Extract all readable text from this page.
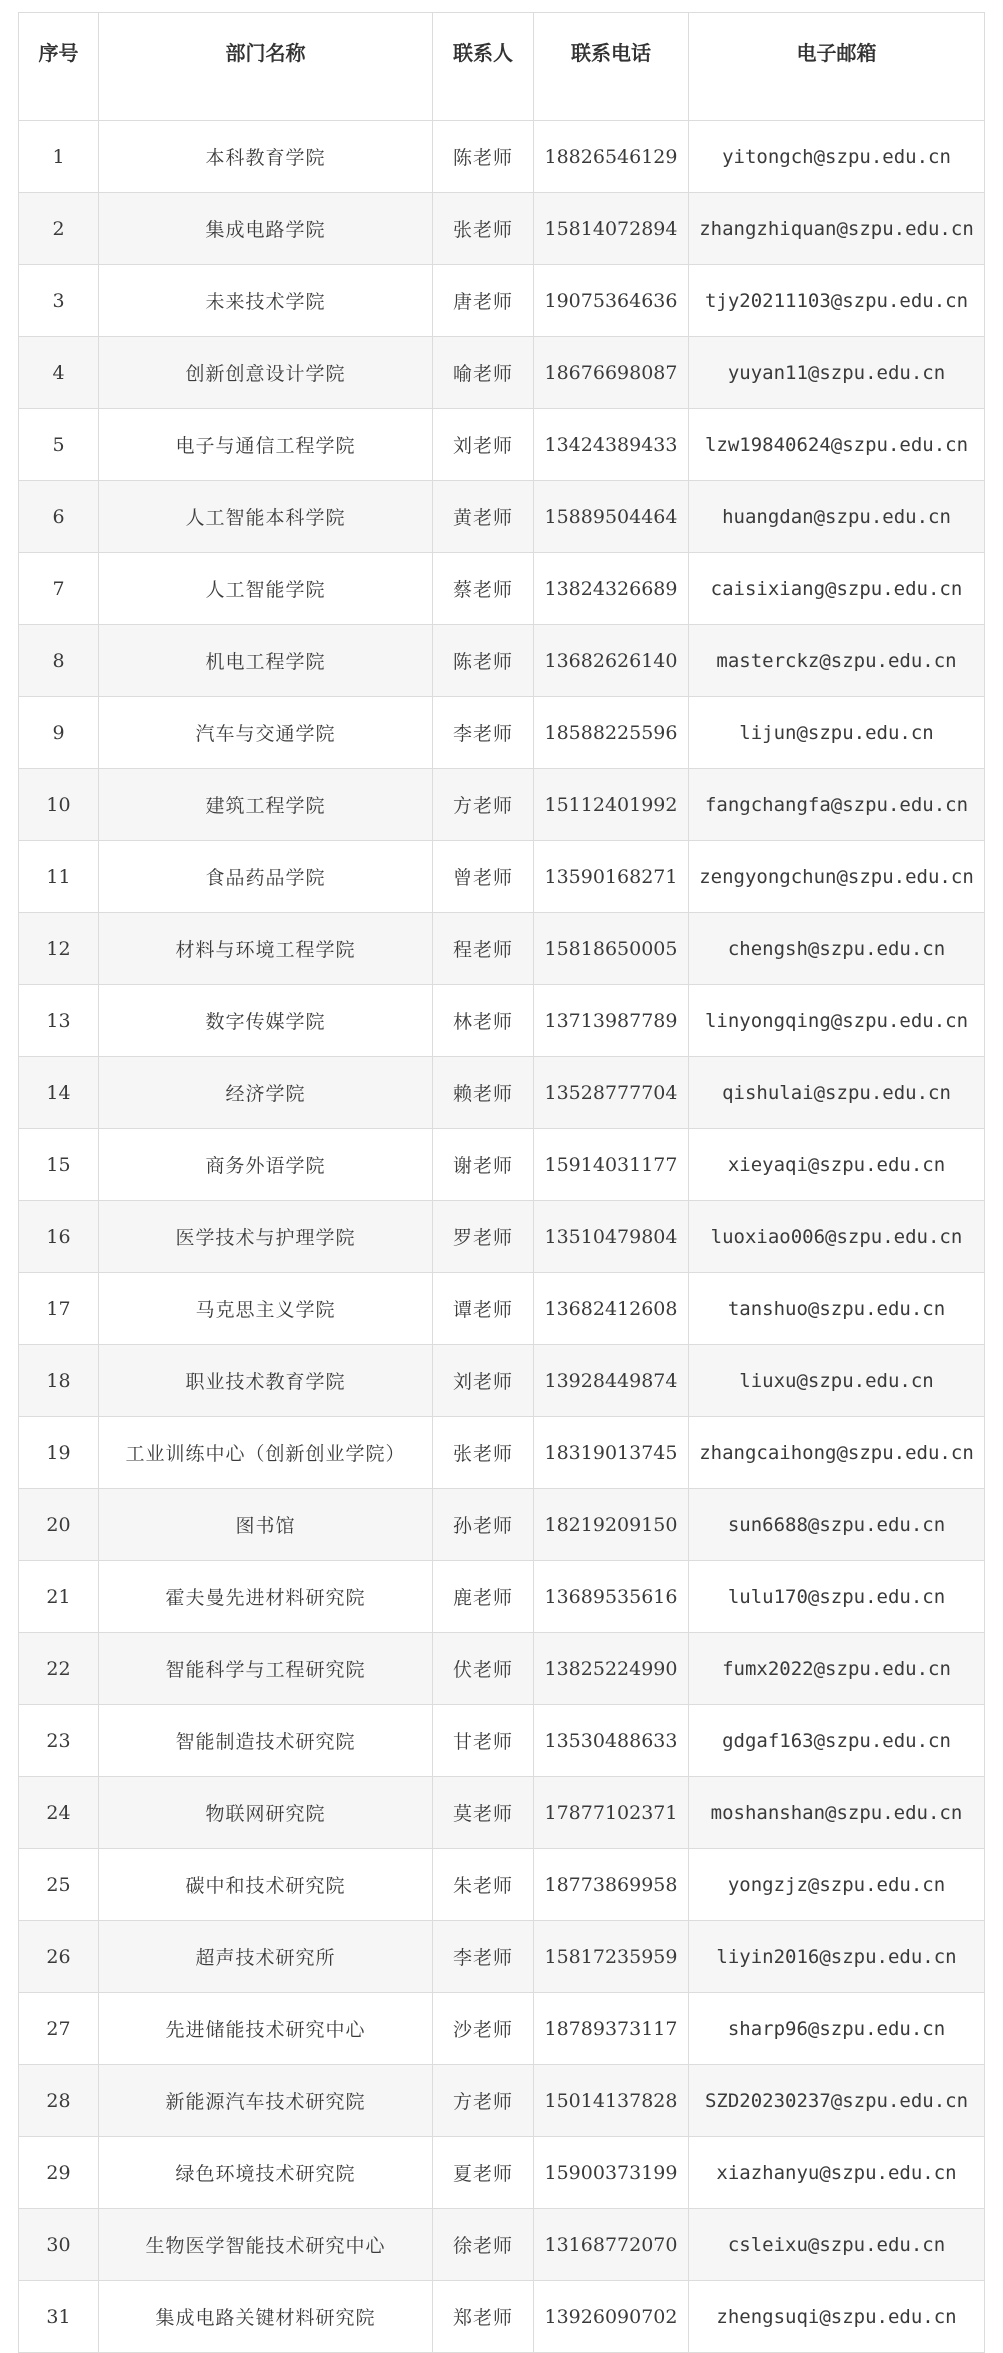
序号	部门名称	联系人	联系电话	电子邮箱
1	本科教育学院	陈老师	18826546129	yitongch@szpu.edu.cn
2	集成电路学院	张老师	15814072894	zhangzhiquan@szpu.edu.cn
3	未来技术学院	唐老师	19075364636	tjy20211103@szpu.edu.cn
4	创新创意设计学院	喻老师	18676698087	yuyan11@szpu.edu.cn
5	电子与通信工程学院	刘老师	13424389433	lzw19840624@szpu.edu.cn
6	人工智能本科学院	黄老师	15889504464	huangdan@szpu.edu.cn
7	人工智能学院	蔡老师	13824326689	caisixiang@szpu.edu.cn
8	机电工程学院	陈老师	13682626140	masterckz@szpu.edu.cn
9	汽车与交通学院	李老师	18588225596	lijun@szpu.edu.cn
10	建筑工程学院	方老师	15112401992	fangchangfa@szpu.edu.cn
11	食品药品学院	曾老师	13590168271	zengyongchun@szpu.edu.cn
12	材料与环境工程学院	程老师	15818650005	chengsh@szpu.edu.cn
13	数字传媒学院	林老师	13713987789	linyongqing@szpu.edu.cn
14	经济学院	赖老师	13528777704	qishulai@szpu.edu.cn
15	商务外语学院	谢老师	15914031177	xieyaqi@szpu.edu.cn
16	医学技术与护理学院	罗老师	13510479804	luoxiao006@szpu.edu.cn
17	马克思主义学院	谭老师	13682412608	tanshuo@szpu.edu.cn
18	职业技术教育学院	刘老师	13928449874	liuxu@szpu.edu.cn
19	工业训练中心（创新创业学院）	张老师	18319013745	zhangcaihong@szpu.edu.cn
20	图书馆	孙老师	18219209150	sun6688@szpu.edu.cn
21	霍夫曼先进材料研究院	鹿老师	13689535616	lulu170@szpu.edu.cn
22	智能科学与工程研究院	伏老师	13825224990	fumx2022@szpu.edu.cn
23	智能制造技术研究院	甘老师	13530488633	gdgaf163@szpu.edu.cn
24	物联网研究院	莫老师	17877102371	moshanshan@szpu.edu.cn
25	碳中和技术研究院	朱老师	18773869958	yongzjz@szpu.edu.cn
26	超声技术研究所	李老师	15817235959	liyin2016@szpu.edu.cn
27	先进储能技术研究中心	沙老师	18789373117	sharp96@szpu.edu.cn
28	新能源汽车技术研究院	方老师	15014137828	SZD20230237@szpu.edu.cn
29	绿色环境技术研究院	夏老师	15900373199	xiazhanyu@szpu.edu.cn
30	生物医学智能技术研究中心	徐老师	13168772070	csleixu@szpu.edu.cn
31	集成电路关键材料研究院	郑老师	13926090702	zhengsuqi@szpu.edu.cn
